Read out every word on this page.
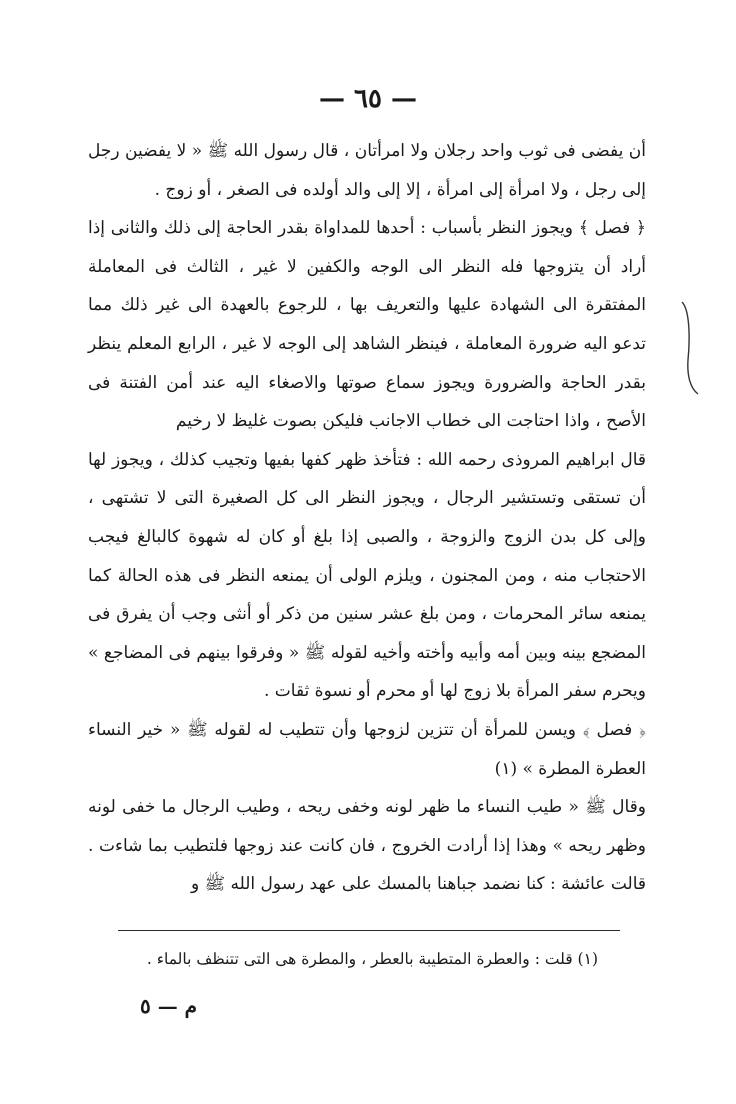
— ٦٥ —

أن يفضى فى ثوب واحد رجلان ولا امرأتان ، قال رسول الله ﷺ « لا يفضين رجل إلى رجل ، ولا امرأة إلى امرأة ، إلا إلى والد أولده فى الصغر ، أو زوج .

﴿ فصل ﴾ ويجوز النظر بأسباب : أحدها للمداواة بقدر الحاجة إلى ذلك والثانى إذا أراد أن يتزوجها فله النظر الى الوجه والكفين لا غير ، الثالث فى المعاملة المفتقرة الى الشهادة عليها والتعريف بها ، للرجوع بالعهدة الى غير ذلك مما تدعو اليه ضرورة المعاملة ، فينظر الشاهد إلى الوجه لا غير ، الرابع المعلم ينظر بقدر الحاجة والضرورة ويجوز سماع صوتها والاصغاء اليه عند أمن الفتنة فى الأصح ، واذا احتاجت الى خطاب الاجانب فليكن بصوت غليظ لا رخيم

قال ابراهيم المروذى رحمه الله : فتأخذ ظهر كفها بفيها وتجيب كذلك ، ويجوز لها أن تستقى وتستشير الرجال ، ويجوز النظر الى كل الصغيرة التى لا تشتهى ، وإلى كل بدن الزوج والزوجة ، والصبى إذا بلغ أو كان له شهوة كالبالغ فيجب الاحتجاب منه ، ومن المجنون ، ويلزم الولى أن يمنعه النظر فى هذه الحالة كما يمنعه سائر المحرمات ، ومن بلغ عشر سنين من ذكر أو أنثى وجب أن يفرق فى المضجع بينه وبين أمه وأبيه وأخته وأخيه لقوله ﷺ « وفرقوا بينهم فى المضاجع » ويحرم سفر المرأة بلا زوج لها أو محرم أو نسوة ثقات .

﴿ فصل ﴾ ويسن للمرأة أن تتزين لزوجها وأن تتطيب له لقوله ﷺ « خير النساء العطرة المطرة » (١)

وقال ﷺ « طيب النساء ما ظهر لونه وخفى ريحه ، وطيب الرجال ما خفى لونه وظهر ريحه » وهذا إذا أرادت الخروج ، فان كانت عند زوجها فلتطيب بما شاءت . قالت عائشة : كنا نضمد جباهنا بالمسك على عهد رسول الله ﷺ و

(١) قلت : والعطرة المتطيبة بالعطر ، والمطرة هى التى تتنظف بالماء .
م — ٥
